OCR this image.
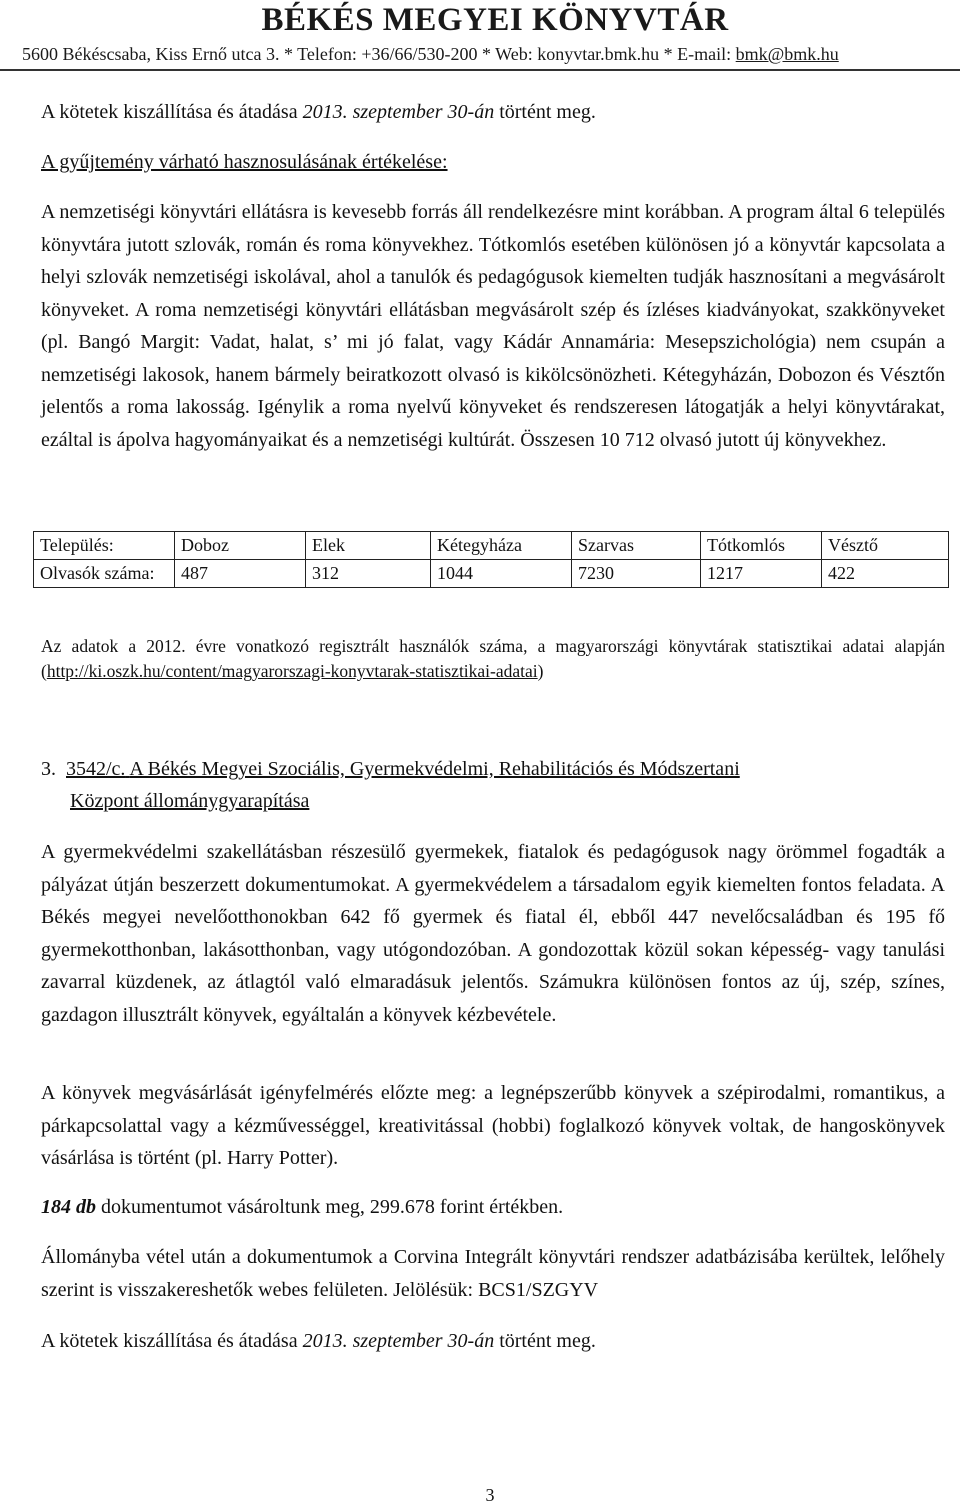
BÉKÉS MEGYEI KÖNYVTÁR
5600 Békéscsaba, Kiss Ernő utca 3. * Telefon: +36/66/530-200 * Web: konyvtar.bmk.hu * E-mail: bmk@bmk.hu

A kötetek kiszállítása és átadása 2013. szeptember 30-án történt meg.

A gyűjtemény várható hasznosulásának értékelése:

A nemzetiségi könyvtári ellátásra is kevesebb forrás áll rendelkezésre mint korábban. A program által 6 település könyvtára jutott szlovák, román és roma könyvekhez. Tótkomlós esetében különösen jó a könyvtár kapcsolata a helyi szlovák nemzetiségi iskolával, ahol a tanulók és pedagógusok kiemelten tudják hasznosítani a megvásárolt könyveket. A roma nemzetiségi könyvtári ellátásban megvásárolt szép és ízléses kiadványokat, szakkönyveket (pl. Bangó Margit: Vadat, halat, s’ mi jó falat, vagy Kádár Annamária: Mesepszichológia) nem csupán a nemzetiségi lakosok, hanem bármely beiratkozott olvasó is kikölcsönözheti. Kétegyházán, Dobozon és Vésztőn jelentős a roma lakosság. Igénylik a roma nyelvű könyveket és rendszeresen látogatják a helyi könyvtárakat, ezáltal is ápolva hagyományaikat és a nemzetiségi kultúrát. Összesen 10 712 olvasó jutott új könyvekhez.

Település:	Doboz	Elek	Kétegyháza	Szarvas	Tótkomlós	Vésztő
Olvasók száma:	487	312	1044	7230	1217	422

Az adatok a 2012. évre vonatkozó regisztrált használók száma, a magyarországi könyvtárak statisztikai adatai alapján (http://ki.oszk.hu/content/magyarorszagi-konyvtarak-statisztikai-adatai)

3. 3542/c. A Békés Megyei Szociális, Gyermekvédelmi, Rehabilitációs és Módszertani

Központ állománygyarapítása

A gyermekvédelmi szakellátásban részesülő gyermekek, fiatalok és pedagógusok nagy örömmel fogadták a pályázat útján beszerzett dokumentumokat. A gyermekvédelem a társadalom egyik kiemelten fontos feladata. A Békés megyei nevelőotthonokban 642 fő gyermek és fiatal él, ebből 447 nevelőcsaládban és 195 fő gyermekotthonban, lakásotthonban, vagy utógondozóban. A gondozottak közül sokan képesség- vagy tanulási zavarral küzdenek, az átlagtól való elmaradásuk jelentős. Számukra különösen fontos az új, szép, színes, gazdagon illusztrált könyvek, egyáltalán a könyvek kézbevétele.

A könyvek megvásárlását igényfelmérés előzte meg: a legnépszerűbb könyvek a szépirodalmi, romantikus, a párkapcsolattal vagy a kézművességgel, kreativitással (hobbi) foglalkozó könyvek voltak, de hangoskönyvek vásárlása is történt (pl. Harry Potter).

184 db dokumentumot vásároltunk meg, 299.678 forint értékben.

Állományba vétel után a dokumentumok a Corvina Integrált könyvtári rendszer adatbázisába kerültek, lelőhely szerint is visszakereshetők webes felületen. Jelölésük: BCS1/SZGYV

A kötetek kiszállítása és átadása 2013. szeptember 30-án történt meg.

3
